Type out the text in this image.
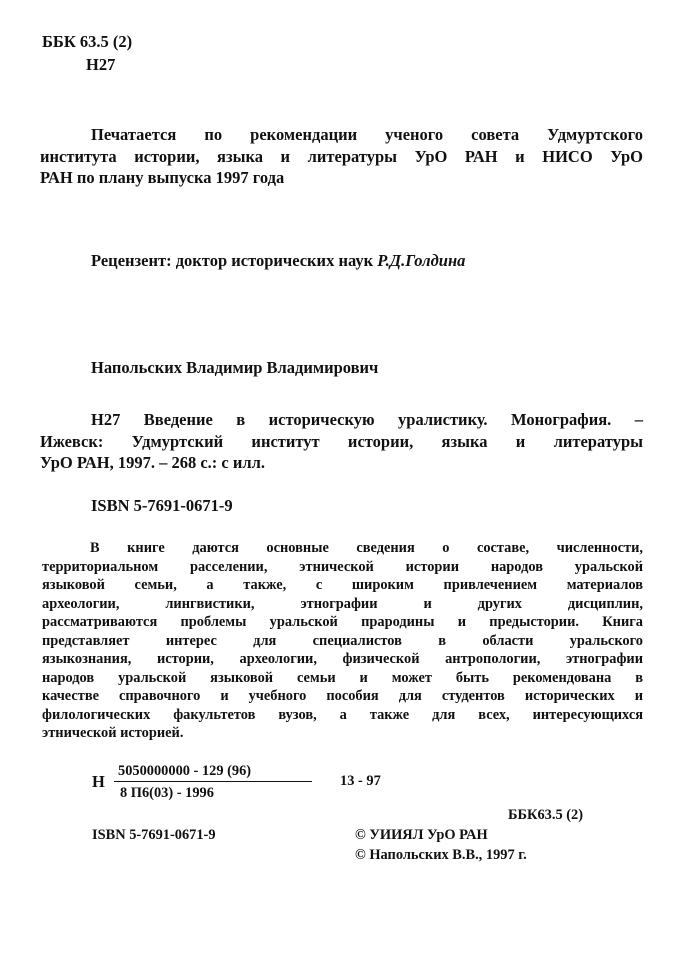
ББК 63.5 (2)
Н27
Печатается по рекомендации ученого совета Удмуртского
института истории, языка и литературы УрО РАН и НИСО УрО
РАН по плану выпуска 1997 года
Рецензент: доктор исторических наук Р.Д.Голдина
Напольских Владимир Владимирович
Н27 Введение в историческую уралистику. Монография. –
Ижевск: Удмуртский институт истории, языка и литературы
УрО РАН, 1997. – 268 с.: с илл.
ISBN 5-7691-0671-9
В книге даются основные сведения о составе, численности,
территориальном расселении, этнической истории народов уральской
языковой семьи, а также, с широким привлечением материалов
археологии, лингвистики, этнографии и других дисциплин,
рассматриваются проблемы уральской прародины и предыстории. Книга
представляет интерес для специалистов в области уральского
языкознания, истории, археологии, физической антропологии, этнографии
народов уральской языковой семьи и может быть рекомендована в
качестве справочного и учебного пособия для студентов исторических и
филологических факультетов вузов, а также для всех, интересующихся
этнической историей.
Н
5050000000 - 129 (96)
8 П6(03) - 1996
13 - 97
ББК63.5 (2)
ISBN 5-7691-0671-9	© УИИЯЛ УрО РАН
© Напольских В.В., 1997 г.
